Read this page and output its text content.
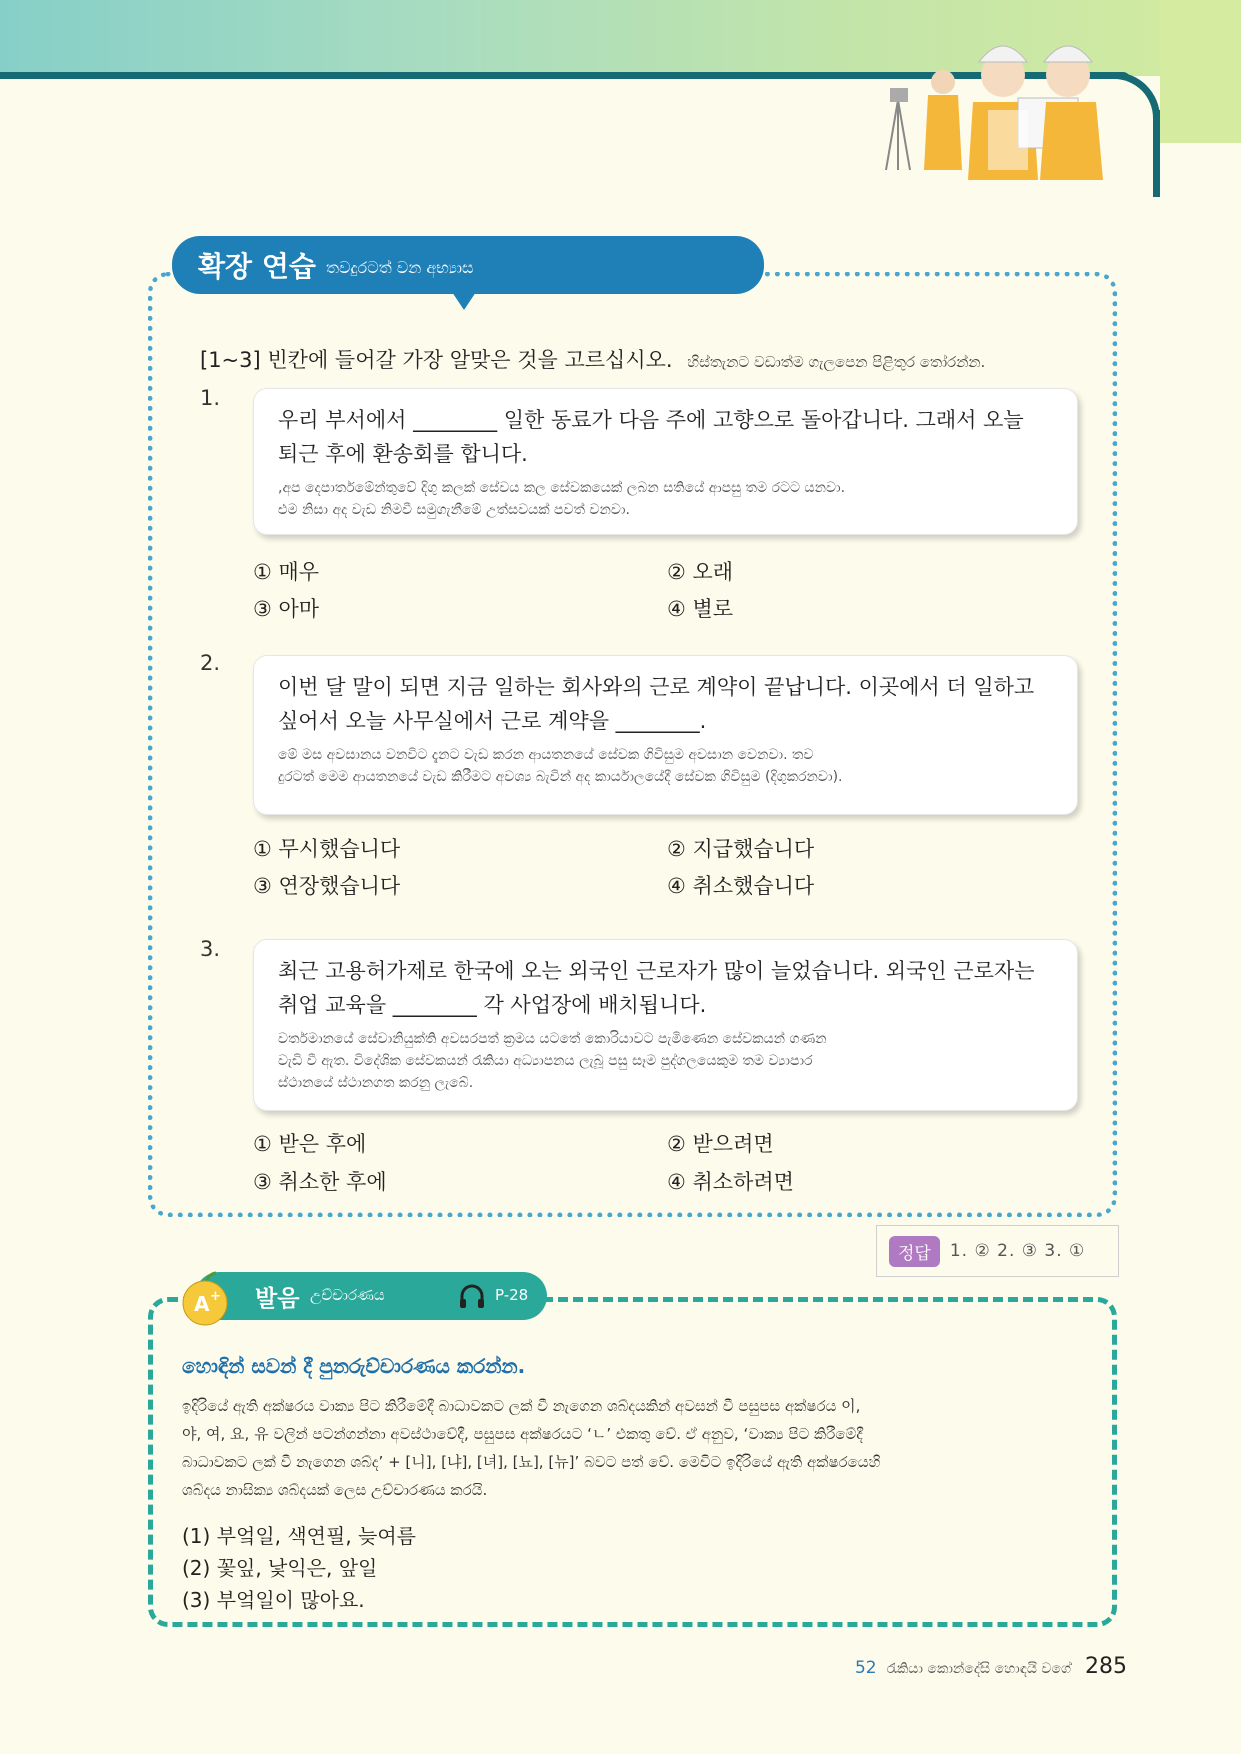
확장 연습 තවදුරටත් වන අභ්‍යාස
[1~3] 빈칸에 들어갈 가장 알맞은 것을 고르십시오. හිස්තැනට වඩාත්ම ගැලපෙන පිළිතුර තෝරන්න.
1.
우리 부서에서 ________ 일한 동료가 다음 주에 고향으로 돌아갑니다. 그래서 오늘
퇴근 후에 환송회를 합니다.
,අප දෙපාර්තමේන්තුවේ දිගු කලක් සේවය කල සේවකයෙක් ලබන සතියේ ආපසු තම රටට යනවා.
එම නිසා අද වැඩ නිමවී සමුගැනීමේ උත්සවයක් පවත් වනවා.
① 매우	② 오래
③ 아마	④ 별로
2.
이번 달 말이 되면 지금 일하는 회사와의 근로 계약이 끝납니다. 이곳에서 더 일하고
싶어서 오늘 사무실에서 근로 계약을 ________.
මේ මස අවසානය වනවිට දැනට වැඩ කරන ආයතනයේ සේවක ගිවිසුම අවසාන වෙනවා. තව
දුරටත් මෙම ආයතනයේ වැඩ කිරීමට අවශ්‍ය බැවින් අද කාර්යාලයේදී සේවක ගිවිසුම (දිගුකරනවා).
① 무시했습니다	② 지급했습니다
③ 연장했습니다	④ 취소했습니다
3.
최근 고용허가제로 한국에 오는 외국인 근로자가 많이 늘었습니다. 외국인 근로자는
취업 교육을 ________ 각 사업장에 배치됩니다.
වර්තමානයේ සේවානියුක්ති අවසරපත් ක්‍රමය යටතේ කොරියාවට පැමිණෙන සේවකයන් ගණන
වැඩි වී ඇත. විදේශික සේවකයන් රැකියා අධ්‍යාපනය ලැබූ පසු සෑම පුද්ගලයෙකුම තම ව්‍යාපාර
ස්ථානයේ ස්ථානගත කරනු ලැබේ.
① 받은 후에	② 받으려면
③ 취소한 후에	④ 취소하려면
정답	1. ② 2. ③ 3. ①
발음 උච්චාරණය	P-28
A +
හොඳින් සවන් දී පුනරුච්චාරණය කරන්න.
ඉදිරියේ ඇති අක්ෂරය වාක්‍ය පිට කිරීමේදී බාධාවකට ලක් වී නැගෙන ශබ්දයකින් අවසන් වී පසුපස අක්ෂරය 이,
야, 여, 요, 유 වලින් පටන්ගන්නා අවස්ථාවේදී, පසුපස අක්ෂරයට ‘ㄴ’ එකතු වේ. ඒ අනුව, ‘වාක්‍ය පිට කිරීමේදී
බාධාවකට ලක් වී නැගෙන ශබ්ද’ + [니], [냐], [녀], [뇨], [뉴]’ බවට පත් වේ. මෙවිට ඉදිරියේ ඇති අක්ෂරයෙහි
ශබ්දය නාසික්‍ය ශබ්දයක් ලෙස උච්චාරණය කරයි.
(1) 부엌일, 색연필, 늦여름
(2) 꽃잎, 낯익은, 앞일
(3) 부엌일이 많아요.
52 රැකියා කොන්දේසි හොඳයි වගේ 285
